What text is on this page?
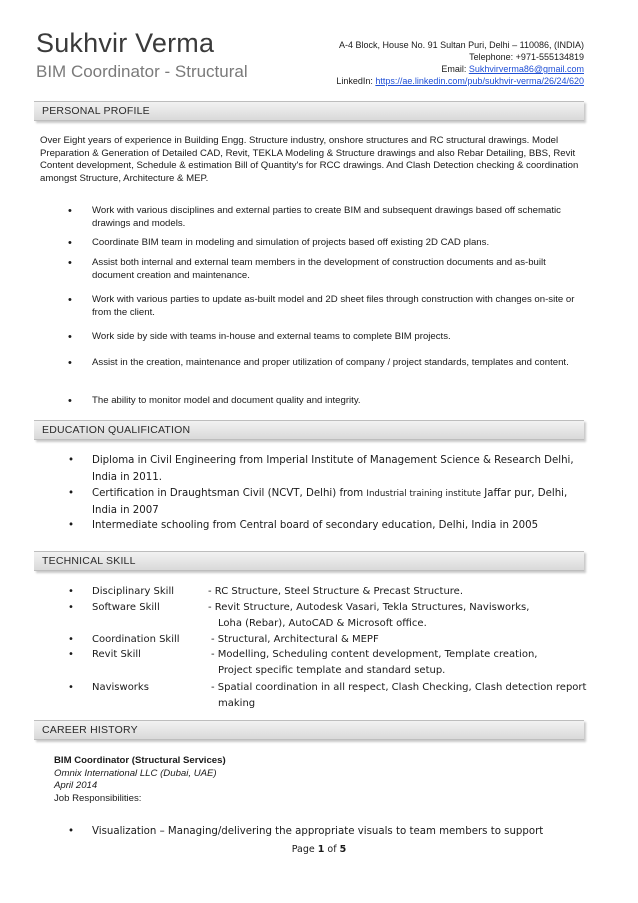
Sukhvir Verma
BIM Coordinator - Structural
A-4 Block, House No. 91 Sultan Puri, Delhi – 110086, (INDIA)
Telephone: +971-555134819
Email: Sukhvirverma86@gmail.com
LinkedIn: https://ae.linkedin.com/pub/sukhvir-verma/26/24/620
PERSONAL PROFILE
Over Eight years of experience in Building Engg. Structure industry, onshore structures and RC structural drawings. Model Preparation & Generation of Detailed CAD, Revit, TEKLA Modeling & Structure drawings and also Rebar Detailing, BBS, Revit Content development, Schedule & estimation Bill of Quantity's for RCC drawings. And Clash Detection checking & coordination amongst Structure, Architecture & MEP.
• Work with various disciplines and external parties to create BIM and subsequent drawings based off schematic drawings and models.
• Coordinate BIM team in modeling and simulation of projects based off existing 2D CAD plans.
• Assist both internal and external team members in the development of construction documents and as-built document creation and maintenance.
• Work with various parties to update as-built model and 2D sheet files through construction with changes on-site or from the client.
• Work side by side with teams in-house and external teams to complete BIM projects.
• Assist in the creation, maintenance and proper utilization of company / project standards, templates and content.
• The ability to monitor model and document quality and integrity.
EDUCATION QUALIFICATION
• Diploma in Civil Engineering from Imperial Institute of Management Science & Research Delhi, India in 2011.
• Certification in Draughtsman Civil (NCVT, Delhi) from Industrial training institute Jaffar pur, Delhi, India in 2007
• Intermediate schooling from Central board of secondary education, Delhi, India in 2005
TECHNICAL SKILL
• Disciplinary Skill	- RC Structure, Steel Structure & Precast Structure.
• Software Skill	- Revit Structure, Autodesk Vasari, Tekla Structures, Navisworks,
Loha (Rebar), AutoCAD & Microsoft office.
• Coordination Skill	- Structural, Architectural & MEPF
• Revit Skill	- Modelling, Scheduling content development, Template creation,
Project specific template and standard setup.
• Navisworks	- Spatial coordination in all respect, Clash Checking, Clash detection report
making
CAREER HISTORY
BIM Coordinator (Structural Services)
Omnix International LLC (Dubai, UAE)
April 2014
Job Responsibilities:
• Visualization – Managing/delivering the appropriate visuals to team members to support
Page 1 of 5
